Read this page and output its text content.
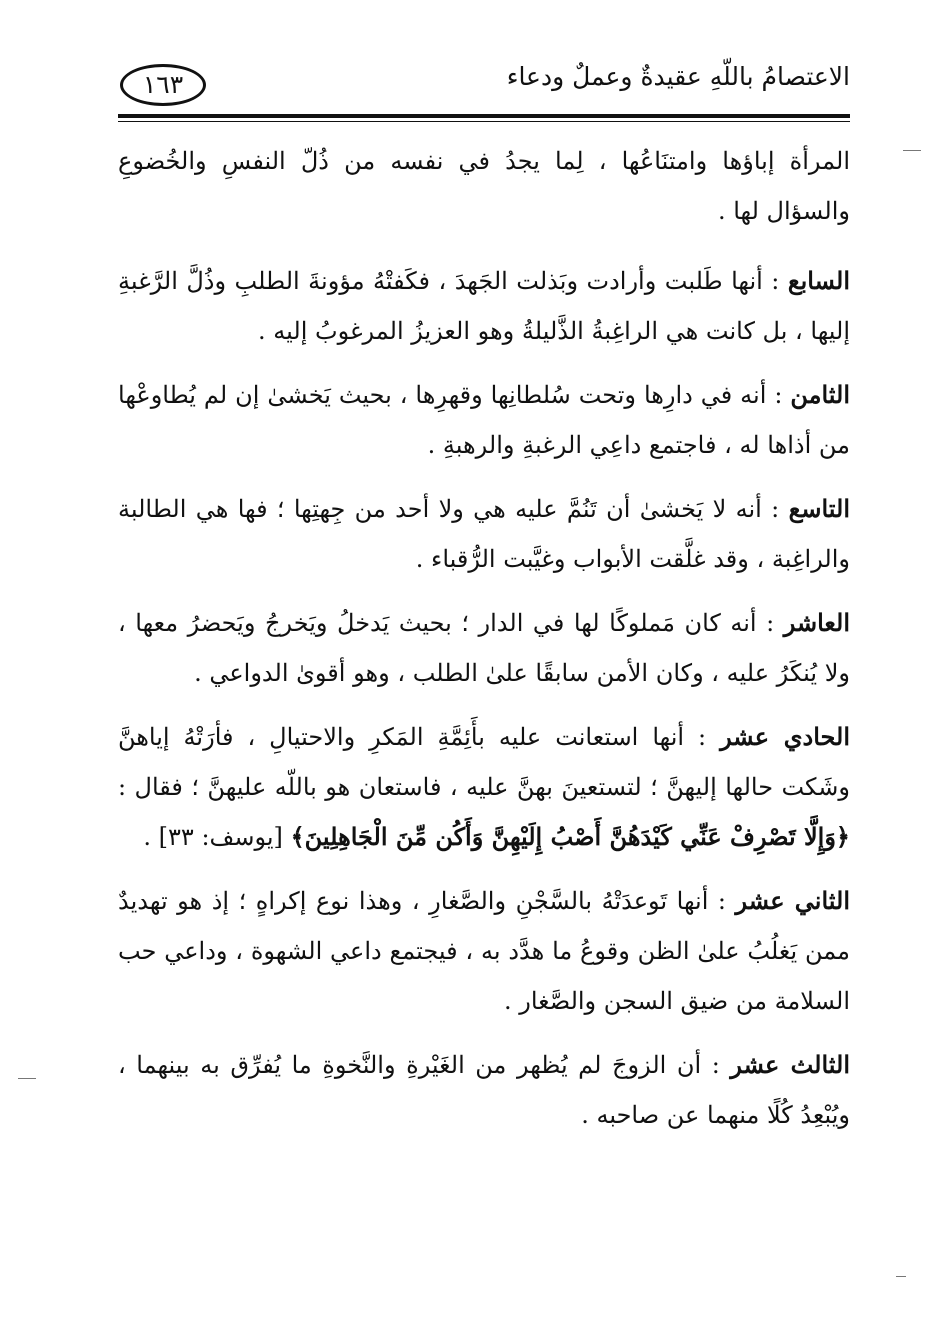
١٦٣	الاعتصامُ باللّهِ عقيدةٌ وعملٌ ودعاء

المرأة إباؤها وامتنَاعُها ، لِما يجدُ في نفسه من ذُلّ النفسِ والخُضوعِ والسؤال لها .

السابع : أنها طَلبت وأرادت وبَذلت الجَهدَ ، فكَفتْهُ مؤونةَ الطلبِ وذُلَّ الرَّغبةِ إليها ، بل كانت هي الراغِبةُ الذَّليلةُ وهو العزيزُ المرغوبُ إليه .

الثامن : أنه في دارِها وتحت سُلطانِها وقهرِها ، بحيث يَخشىٰ إن لم يُطاوعْها من أذاها له ، فاجتمع داعِي الرغبةِ والرهبةِ .

التاسع : أنه لا يَخشىٰ أن تَنُمَّ عليه هي ولا أحد من جِهتِها ؛ فها هي الطالبة والراغِبة ، وقد غلَّقت الأبواب وغيَّبت الرُّقباء .

العاشر : أنه كان مَملوكًا لها في الدار ؛ بحيث يَدخلُ ويَخرجُ ويَحضرُ معها ، ولا يُنكَرُ عليه ، وكان الأمن سابقًا علىٰ الطلب ، وهو أقوىٰ الدواعي .

الحادي عشر : أنها استعانت عليه بأَئِمَّةِ المَكرِ والاحتيالِ ، فأرَتْهُ إياهنَّ وشَكت حالها إليهنَّ ؛ لتستعينَ بهنَّ عليه ، فاستعان هو باللّه عليهنَّ ؛ فقال : ﴿وَإِلَّا تَصْرِفْ عَنِّي كَيْدَهُنَّ أَصْبُ إِلَيْهِنَّ وَأَكُن مِّنَ الْجَاهِلِينَ﴾ [يوسف: ٣٣] .

الثاني عشر : أنها تَوعدَتْهُ بالسَّجْنِ والصَّغارِ ، وهذا نوع إكراهٍ ؛ إذ هو تهديدٌ ممن يَغلُبُ علىٰ الظن وقوعُ ما هدَّد به ، فيجتمع داعي الشهوة ، وداعي حب السلامة من ضيق السجن والصَّغار .

الثالث عشر : أن الزوجَ لم يُظهر من الغَيْرةِ والنَّخوةِ ما يُفرِّق به بينهما ، ويُبْعِدُ كُلًا منهما عن صاحبه .
